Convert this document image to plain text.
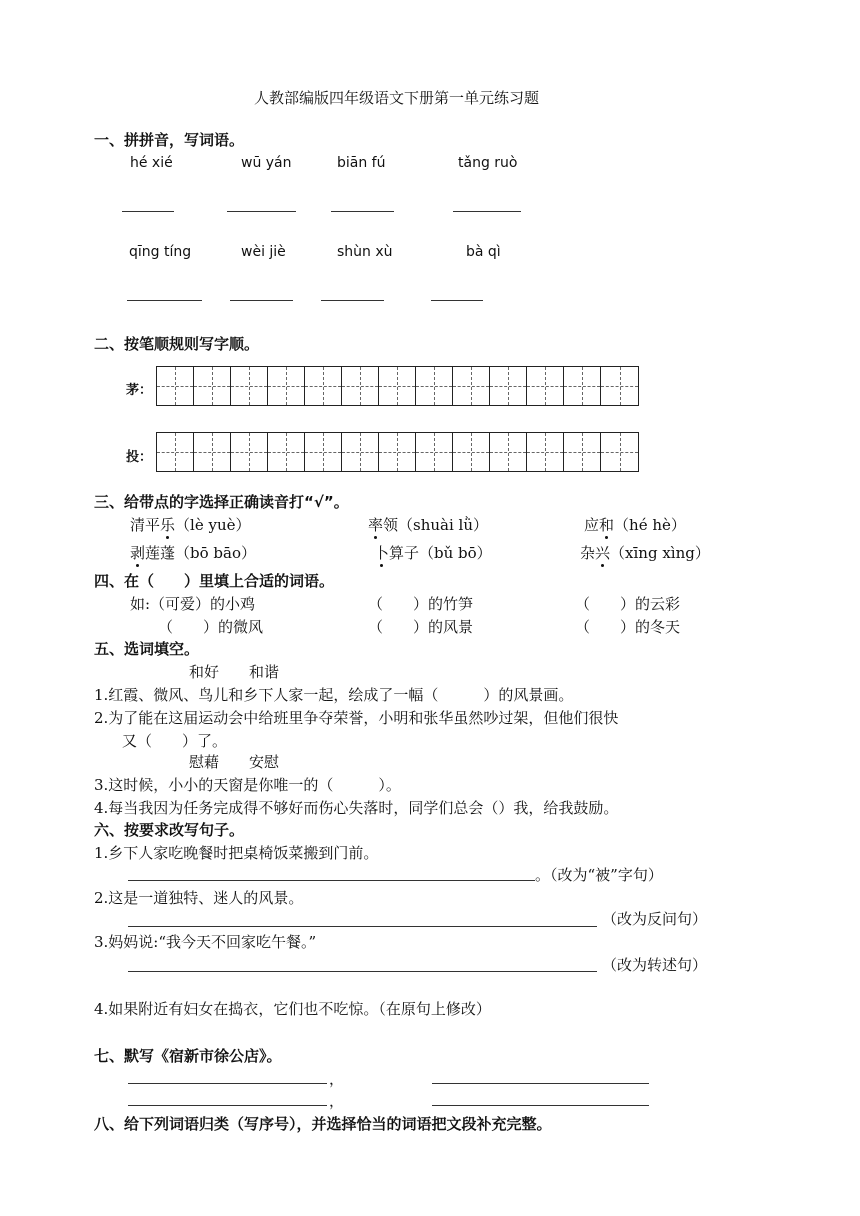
人教部编版四年级语文下册第一单元练习题
一、拼拼音，写词语。
hé xié	wū yán	biān fú	tǎng ruò
qīng tíng	wèi jiè	shùn xù	bà qì
二、按笔顺规则写字顺。
茅：
投：
三、给带点的字选择正确读音打“√”。
清平乐（lè yuè）	率领（shuài lǜ）	应和（hé hè）
剥莲蓬（bō bāo）	卜算子（bǔ bō）	杂兴（xīng xìng）
四、在（　　）里填上合适的词语。
如:（可爱）的小鸡	（　　）的竹笋	（　　）的云彩
（　　）的微风	（　　）的风景	（　　）的冬天
五、选词填空。
和好　　和谐
1.红霞、微风、鸟儿和乡下人家一起，绘成了一幅（　　　）的风景画。
2.为了能在这届运动会中给班里争夺荣誉，小明和张华虽然吵过架，但他们很快
又（　　）了。
慰藉　　安慰
3.这时候，小小的天窗是你唯一的（　　　）。
4.每当我因为任务完成得不够好而伤心失落时，同学们总会（）我，给我鼓励。
六、按要求改写句子。
1.乡下人家吃晚餐时把桌椅饭菜搬到门前。
。（改为“被”字句）
2.这是一道独特、迷人的风景。
（改为反问句）
3.妈妈说:“我今天不回家吃午餐。”
（改为转述句）
4.如果附近有妇女在捣衣，它们也不吃惊。（在原句上修改）
七、默写《宿新市徐公店》。
，
，
八、给下列词语归类（写序号），并选择恰当的词语把文段补充完整。
